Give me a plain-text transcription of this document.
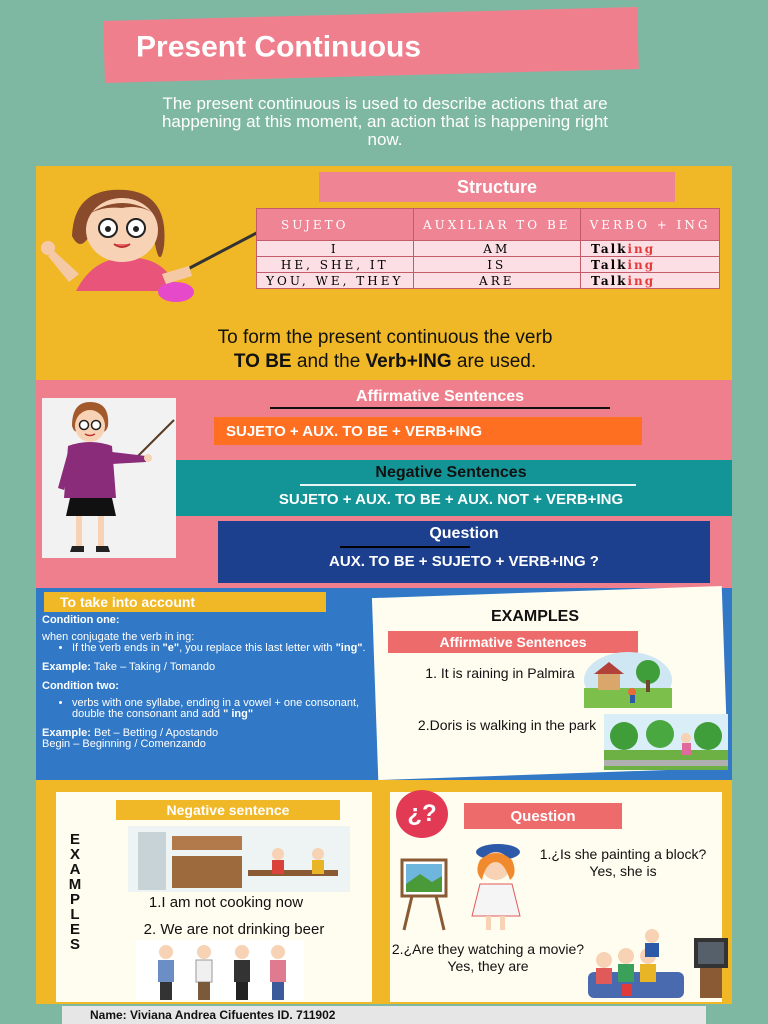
Present Continuous
The present continuous is used to describe actions that are happening at this moment, an action that is happening right now.
Structure
SUJETO	AUXILIAR TO BE	VERBO + ING
I	AM	Talking
HE, SHE, IT	IS	Talking
YOU, WE, THEY	ARE	Talking
To form the present continuous the verb
TO BE and the Verb+ING are used.
Affirmative Sentences
SUJETO + AUX. TO BE + VERB+ING
Negative Sentences
SUJETO + AUX. TO BE + AUX. NOT + VERB+ING
Question
AUX. TO BE + SUJETO + VERB+ING ?
To take into account

Condition one:

when conjugate the verb in ing:

• If the verb ends in "e", you replace this last letter with "ing".

Example: Take – Taking / Tomando

Condition two:

• verbs with one syllabe, ending in a vowel + one consonant, double the consonant and add " ing"

Example: Bet – Betting / Apostando

Begin – Beginning / Comenzando

EXAMPLES
Affirmative Sentences
1. It is raining in Palmira
2.Doris is walking in the park
EXAMPLES
Negative sentence
1.I am not cooking now
2. We are not drinking beer
¿?	Question
1.¿Is she painting a block?
Yes, she is
2.¿Are they watching a movie?
Yes, they are
Name: Viviana Andrea Cifuentes ID. 711902
